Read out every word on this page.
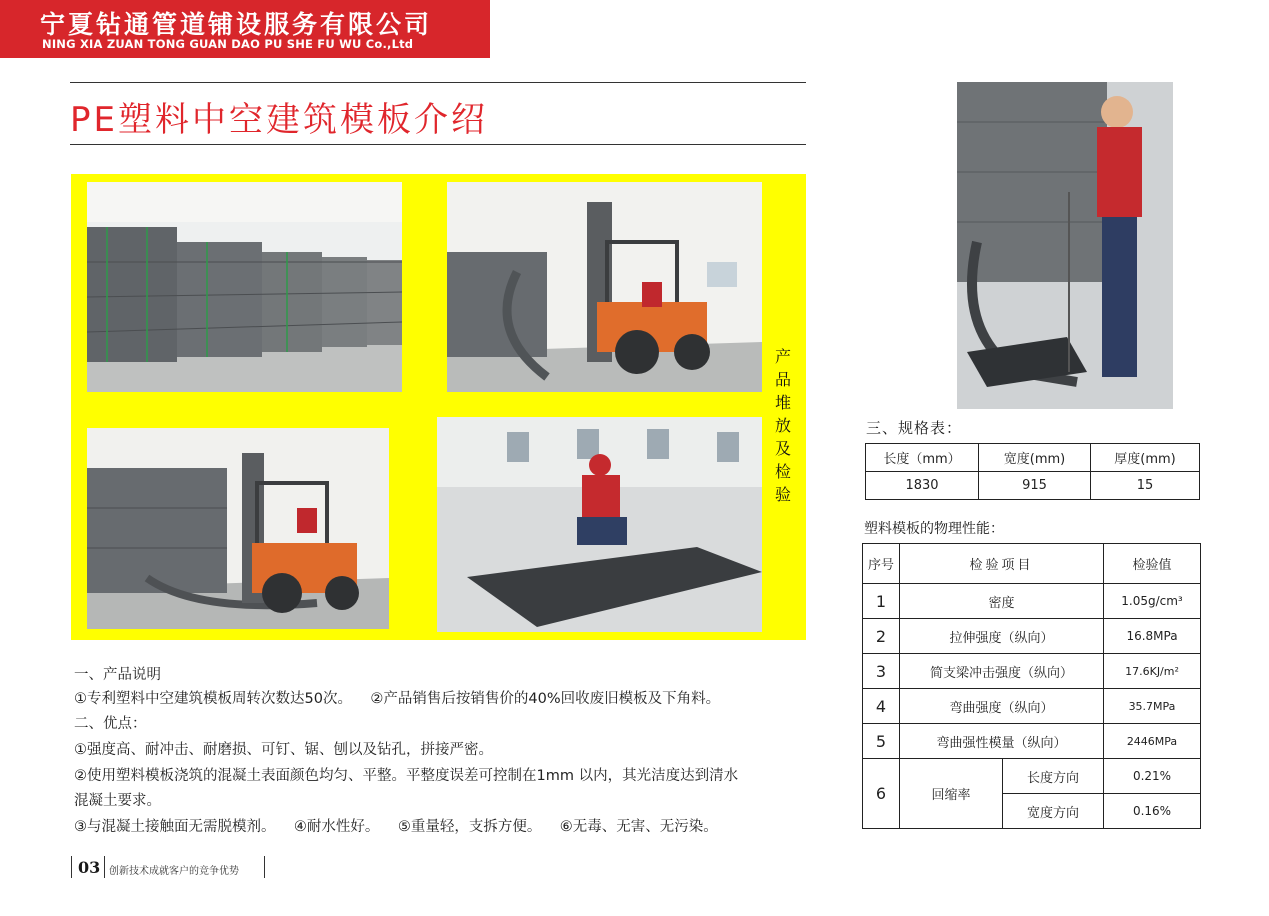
宁夏钻通管道铺设服务有限公司
NING XIA ZUAN TONG GUAN DAO PU SHE FU WU Co.,Ltd
PE塑料中空建筑模板介绍
产品堆放及检验
一、产品说明
①专利塑料中空建筑模板周转次数达50次。    ②产品销售后按销售价的40%回收废旧模板及下角料。
二、优点：
①强度高、耐冲击、耐磨损、可钉、锯、刨以及钻孔，拼接严密。
②使用塑料模板浇筑的混凝土表面颜色均匀、平整。平整度误差可控制在1mm 以内，其光洁度达到清水
混凝土要求。
③与混凝土接触面无需脱模剂。    ④耐水性好。    ⑤重量轻，支拆方便。    ⑥无毒、无害、无污染。
03 创新技术成就客户的竞争优势
三、规格表：
长度（mm）	宽度(mm)	厚度(mm)
1830	915	15
塑料模板的物理性能：
序号	检验项目		检验值
1	密度		1.05g/cm³
2	拉伸强度（纵向）		16.8MPa
3	简支梁冲击强度（纵向）		17.6KJ/m²
4	弯曲强度（纵向）		35.7MPa
5	弯曲强性模量（纵向）		2446MPa
6	回缩率	长度方向	0.21%
		宽度方向	0.16%
